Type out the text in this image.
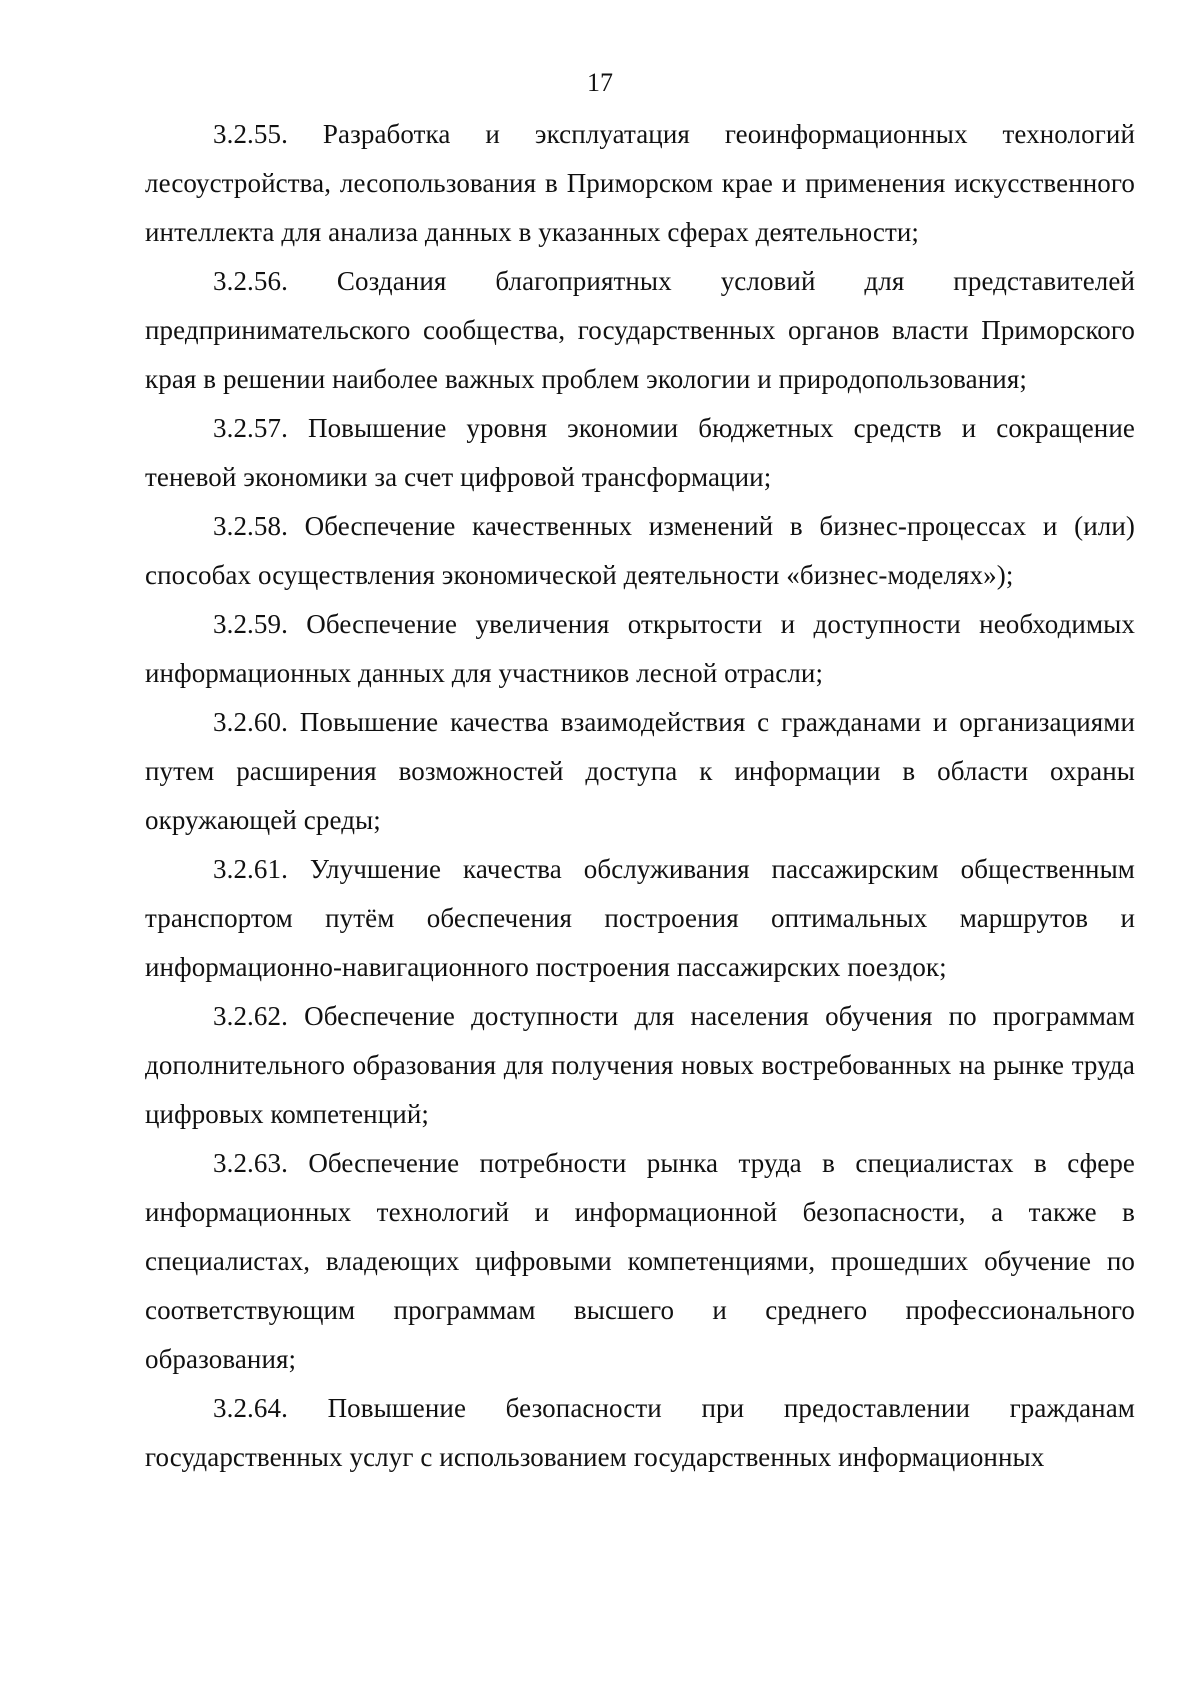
17

3.2.55. Разработка и эксплуатация геоинформационных технологий лесоустройства, лесопользования в Приморском крае и применения искусственного интеллекта для анализа данных в указанных сферах деятельности;

3.2.56. Создания благоприятных условий для представителей предпринимательского сообщества, государственных органов власти Приморского края в решении наиболее важных проблем экологии и природопользования;

3.2.57. Повышение уровня экономии бюджетных средств и сокращение теневой экономики за счет цифровой трансформации;

3.2.58. Обеспечение качественных изменений в бизнес-процессах и (или) способах осуществления экономической деятельности «бизнес-моделях»);

3.2.59. Обеспечение увеличения открытости и доступности необходимых информационных данных для участников лесной отрасли;

3.2.60. Повышение качества взаимодействия с гражданами и организациями путем расширения возможностей доступа к информации в области охраны окружающей среды;

3.2.61. Улучшение качества обслуживания пассажирским общественным транспортом путём обеспечения построения оптимальных маршрутов и информационно-навигационного построения пассажирских поездок;

3.2.62. Обеспечение доступности для населения обучения по программам дополнительного образования для получения новых востребованных на рынке труда цифровых компетенций;

3.2.63. Обеспечение потребности рынка труда в специалистах в сфере информационных технологий и информационной безопасности, а также в специалистах, владеющих цифровыми компетенциями, прошедших обучение по соответствующим программам высшего и среднего профессионального образования;

3.2.64. Повышение безопасности при предоставлении гражданам государственных услуг с использованием государственных информационных
